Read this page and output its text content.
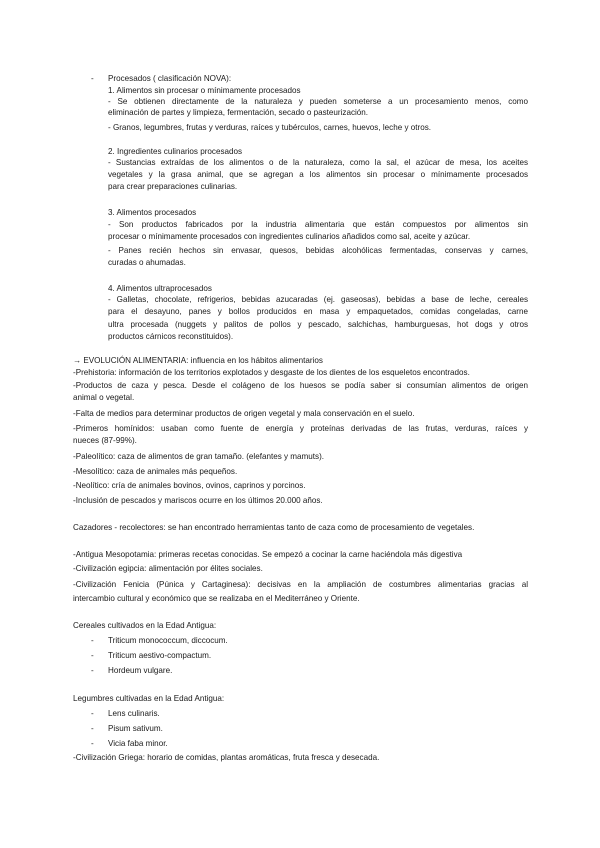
- Procesados ( clasificación NOVA):
1. Alimentos sin procesar o mínimamente procesados
- Se obtienen directamente de la naturaleza y pueden someterse a un procesamiento menos, como
eliminación de partes y limpieza, fermentación, secado o pasteurización.
- Granos, legumbres, frutas y verduras, raíces y tubérculos, carnes, huevos, leche y otros.
2. Ingredientes culinarios procesados
- Sustancias extraídas de los alimentos o de la naturaleza, como la sal, el azúcar de mesa, los aceites
vegetales y la grasa animal, que se agregan a los alimentos sin procesar o mínimamente procesados
para crear preparaciones culinarias.
3. Alimentos procesados
- Son productos fabricados por la industria alimentaria que están compuestos por alimentos sin
procesar o mínimamente procesados con ingredientes culinarios añadidos como sal, aceite y azúcar.
- Panes recién hechos sin envasar, quesos, bebidas alcohólicas fermentadas, conservas y carnes,
curadas o ahumadas.
4. Alimentos ultraprocesados
- Galletas, chocolate, refrigerios, bebidas azucaradas (ej. gaseosas), bebidas a base de leche, cereales
para el desayuno, panes y bollos producidos en masa y empaquetados, comidas congeladas, carne
ultra procesada (nuggets y palitos de pollos y pescado, salchichas, hamburguesas, hot dogs y otros
productos cárnicos reconstituidos).
→ EVOLUCIÓN ALIMENTARIA: influencia en los hábitos alimentarios
-Prehistoria: información de los territorios explotados y desgaste de los dientes de los esqueletos encontrados.
-Productos de caza y pesca. Desde el colágeno de los huesos se podía saber si consumían alimentos de origen
animal o vegetal.
-Falta de medios para determinar productos de origen vegetal y mala conservación en el suelo.
-Primeros homínidos: usaban como fuente de energía y proteínas derivadas de las frutas, verduras, raíces y
nueces (87-99%).
-Paleolítico: caza de alimentos de gran tamaño. (elefantes y mamuts).
-Mesolítico: caza de animales más pequeños.
-Neolítico: cría de animales bovinos, ovinos, caprinos y porcinos.
-Inclusión de pescados y mariscos ocurre en los últimos 20.000 años.
Cazadores - recolectores: se han encontrado herramientas tanto de caza como de procesamiento de vegetales.
-Antigua Mesopotamia: primeras recetas conocidas. Se empezó a cocinar la carne haciéndola más digestiva
-Civilización egipcia: alimentación por élites sociales.
-Civilización Fenicia (Púnica y Cartaginesa): decisivas en la ampliación de costumbres alimentarias gracias al
intercambio cultural y económico que se realizaba en el Mediterráneo y Oriente.
Cereales cultivados en la Edad Antigua:
- Triticum monococcum, diccocum.
- Triticum aestivo-compactum.
- Hordeum vulgare.
Legumbres cultivadas en la Edad Antigua:
- Lens culinaris.
- Pisum sativum.
- Vicia faba minor.
-Civilización Griega: horario de comidas, plantas aromáticas, fruta fresca y desecada.
